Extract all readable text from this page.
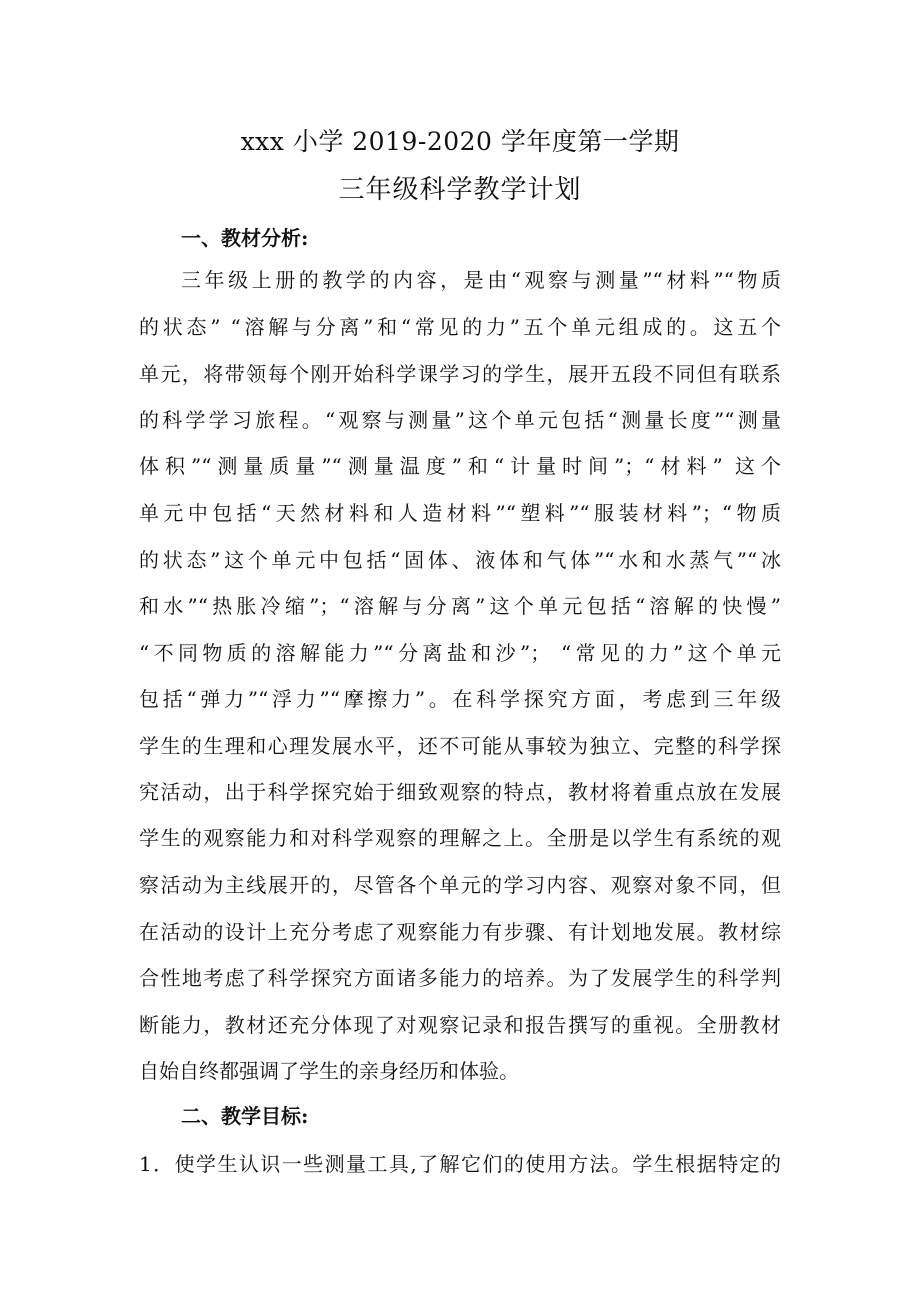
xxx 小学 2019-2020 学年度第一学期
三年级科学教学计划
一、教材分析:
三年级上册的教学的内容，是由“观察与测量”“材料”“物质
的状态” “溶解与分离”和“常见的力”五个单元组成的。这五个
单元，将带领每个刚开始科学课学习的学生，展开五段不同但有联系
的科学学习旅程。“观察与测量”这个单元包括“测量长度”“测量
体积”“测量质量”“测量温度”和“计量时间”；“材料” 这个
单元中包括“天然材料和人造材料”“塑料”“服装材料”；“物质
的状态”这个单元中包括“固体、液体和气体”“水和水蒸气”“冰
和水”“热胀冷缩”；“溶解与分离”这个单元包括“溶解的快慢”
“不同物质的溶解能力”“分离盐和沙”； “常见的力”这个单元
包括“弹力”“浮力”“摩擦力”。在科学探究方面，考虑到三年级
学生的生理和心理发展水平，还不可能从事较为独立、完整的科学探
究活动，出于科学探究始于细致观察的特点，教材将着重点放在发展
学生的观察能力和对科学观察的理解之上。全册是以学生有系统的观
察活动为主线展开的，尽管各个单元的学习内容、观察对象不同，但
在活动的设计上充分考虑了观察能力有步骤、有计划地发展。教材综
合性地考虑了科学探究方面诸多能力的培养。为了发展学生的科学判
断能力，教材还充分体现了对观察记录和报告撰写的重视。全册教材
自始自终都强调了学生的亲身经历和体验。
二、教学目标:
1．使学生认识一些测量工具,了解它们的使用方法。学生根据特定的
